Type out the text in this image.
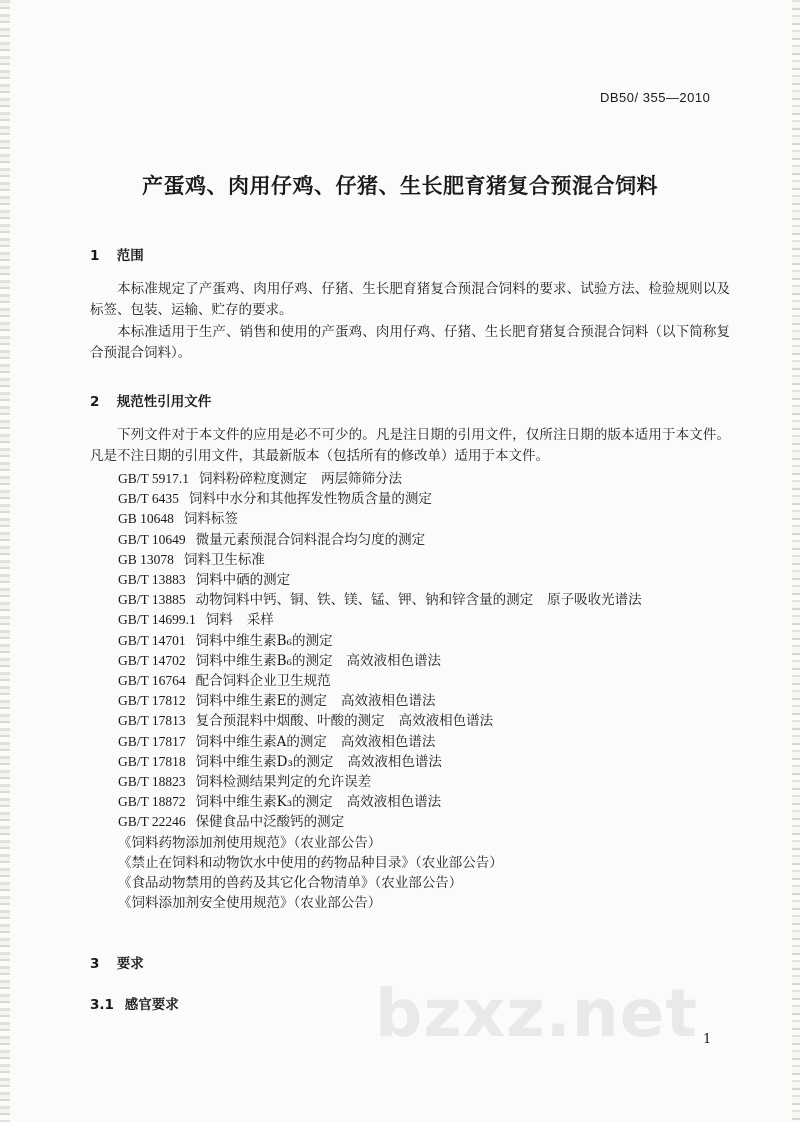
DB50/ 355—2010
产蛋鸡、肉用仔鸡、仔猪、生长肥育猪复合预混合饲料
1 范围
本标准规定了产蛋鸡、肉用仔鸡、仔猪、生长肥育猪复合预混合饲料的要求、试验方法、检验规则以及标签、包装、运输、贮存的要求。
本标准适用于生产、销售和使用的产蛋鸡、肉用仔鸡、仔猪、生长肥育猪复合预混合饲料（以下简称复合预混合饲料）。
2 规范性引用文件
下列文件对于本文件的应用是必不可少的。凡是注日期的引用文件，仅所注日期的版本适用于本文件。凡是不注日期的引用文件，其最新版本（包括所有的修改单）适用于本文件。
GB/T 5917.1 饲料粉碎粒度测定 两层筛筛分法
GB/T 6435 饲料中水分和其他挥发性物质含量的测定
GB 10648 饲料标签
GB/T 10649 微量元素预混合饲料混合均匀度的测定
GB 13078 饲料卫生标准
GB/T 13883 饲料中硒的测定
GB/T 13885 动物饲料中钙、铜、铁、镁、锰、钾、钠和锌含量的测定 原子吸收光谱法
GB/T 14699.1 饲料 采样
GB/T 14701 饲料中维生素B₆的测定
GB/T 14702 饲料中维生素B₆的测定 高效液相色谱法
GB/T 16764 配合饲料企业卫生规范
GB/T 17812 饲料中维生素E的测定 高效液相色谱法
GB/T 17813 复合预混料中烟酸、叶酸的测定 高效液相色谱法
GB/T 17817 饲料中维生素A的测定 高效液相色谱法
GB/T 17818 饲料中维生素D₃的测定 高效液相色谱法
GB/T 18823 饲料检测结果判定的允许误差
GB/T 18872 饲料中维生素K₃的测定 高效液相色谱法
GB/T 22246 保健食品中泛酸钙的测定
《饲料药物添加剂使用规范》（农业部公告）
《禁止在饲料和动物饮水中使用的药物品种目录》（农业部公告）
《食品动物禁用的兽药及其它化合物清单》（农业部公告）
《饲料添加剂安全使用规范》（农业部公告）
3 要求
3.1 感官要求	bzxz.net 1
